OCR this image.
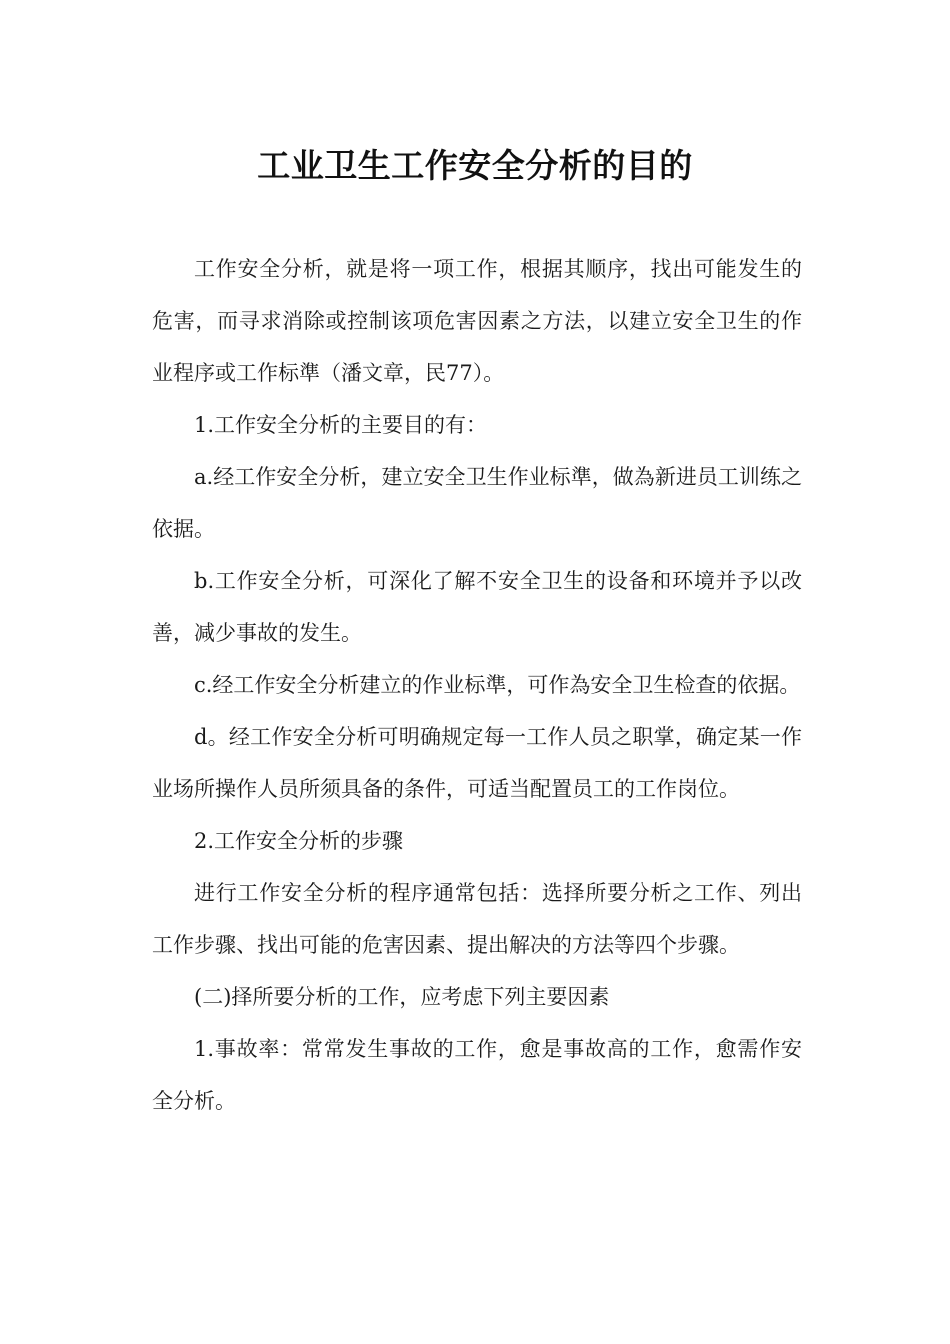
工业卫生工作安全分析的目的

工作安全分析，就是将一项工作，根据其顺序，找出可能发生的危害，而寻求消除或控制该项危害因素之方法，以建立安全卫生的作业程序或工作标準（潘文章，民77）。

1.工作安全分析的主要目的有：

a.经工作安全分析，建立安全卫生作业标準，做為新进员工训练之依据。

b.工作安全分析，可深化了解不安全卫生的设备和环境并予以改善，减少事故的发生。

c.经工作安全分析建立的作业标準，可作為安全卫生检查的依据。

d。经工作安全分析可明确规定每一工作人员之职掌，确定某一作业场所操作人员所须具备的条件，可适当配置员工的工作岗位。

2.工作安全分析的步骤

进行工作安全分析的程序通常包括：选择所要分析之工作、列出工作步骤、找出可能的危害因素、提出解决的方法等四个步骤。

(二)择所要分析的工作，应考虑下列主要因素

1.事故率：常常发生事故的工作，愈是事故高的工作，愈需作安全分析。
